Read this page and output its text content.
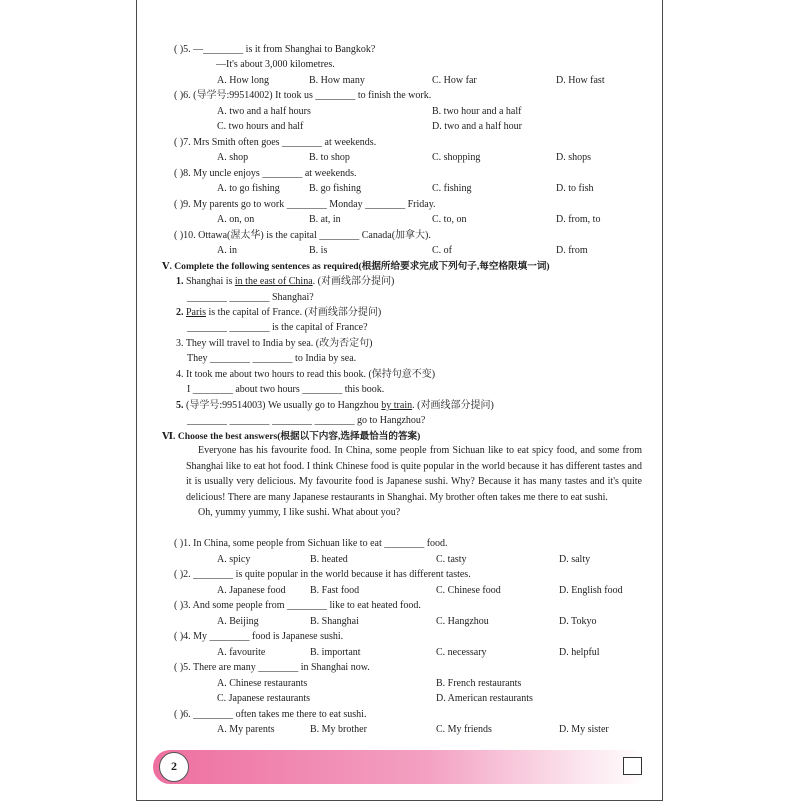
( )5. —________ is it from Shanghai to Bangkok?
—It's about 3,000 kilometres.
A. How long	B. How many	C. How far	D. How fast
( )6. (导学号:99514002) It took us ________ to finish the work.
A. two and a half hours	B. two hour and a half
C. two hours and half	D. two and a half hour
( )7. Mrs Smith often goes ________ at weekends.
A. shop	B. to shop	C. shopping	D. shops
( )8. My uncle enjoys ________ at weekends.
A. to go fishing	B. go fishing	C. fishing	D. to fish
( )9. My parents go to work ________ Monday ________ Friday.
A. on, on	B. at, in	C. to, on	D. from, to
( )10. Ottawa(渥太华) is the capital ________ Canada(加拿大).
A. in	B. is	C. of	D. from
Ⅴ. Complete the following sentences as required(根据所给要求完成下列句子,每空格限填一词)
1. Shanghai is in the east of China. (对画线部分提问)
________ ________ Shanghai?
2. Paris is the capital of France. (对画线部分提问)
________ ________ is the capital of France?
3. They will travel to India by sea. (改为否定句)
They ________ ________ to India by sea.
4. It took me about two hours to read this book. (保持句意不变)
I ________ about two hours ________ this book.
5. (导学号:99514003) We usually go to Hangzhou by train. (对画线部分提问)
________ ________ ________ ________ go to Hangzhou?
Ⅵ. Choose the best answers(根据以下内容,选择最恰当的答案)

Everyone has his favourite food. In China, some people from Sichuan like to eat spicy food, and some from Shanghai like to eat hot food. I think Chinese food is quite popular in the world because it has different tastes and it is usually very delicious. My favourite food is Japanese sushi. Why? Because it has many tastes and it's quite delicious! There are many Japanese restaurants in Shanghai. My brother often takes me there to eat sushi.

Oh, yummy yummy, I like sushi. What about you?

( )1. In China, some people from Sichuan like to eat ________ food.
A. spicy	B. heated	C. tasty	D. salty
( )2. ________ is quite popular in the world because it has different tastes.
A. Japanese food B. Fast food	C. Chinese food	D. English food
( )3. And some people from ________ like to eat heated food.
A. Beijing	B. Shanghai	C. Hangzhou	D. Tokyo
( )4. My ________ food is Japanese sushi.
A. favourite	B. important	C. necessary	D. helpful
( )5. There are many ________ in Shanghai now.
A. Chinese restaurants	B. French restaurants
C. Japanese restaurants	D. American restaurants
( )6. ________ often takes me there to eat sushi.
A. My parents	B. My brother	C. My friends	D. My sister
2
